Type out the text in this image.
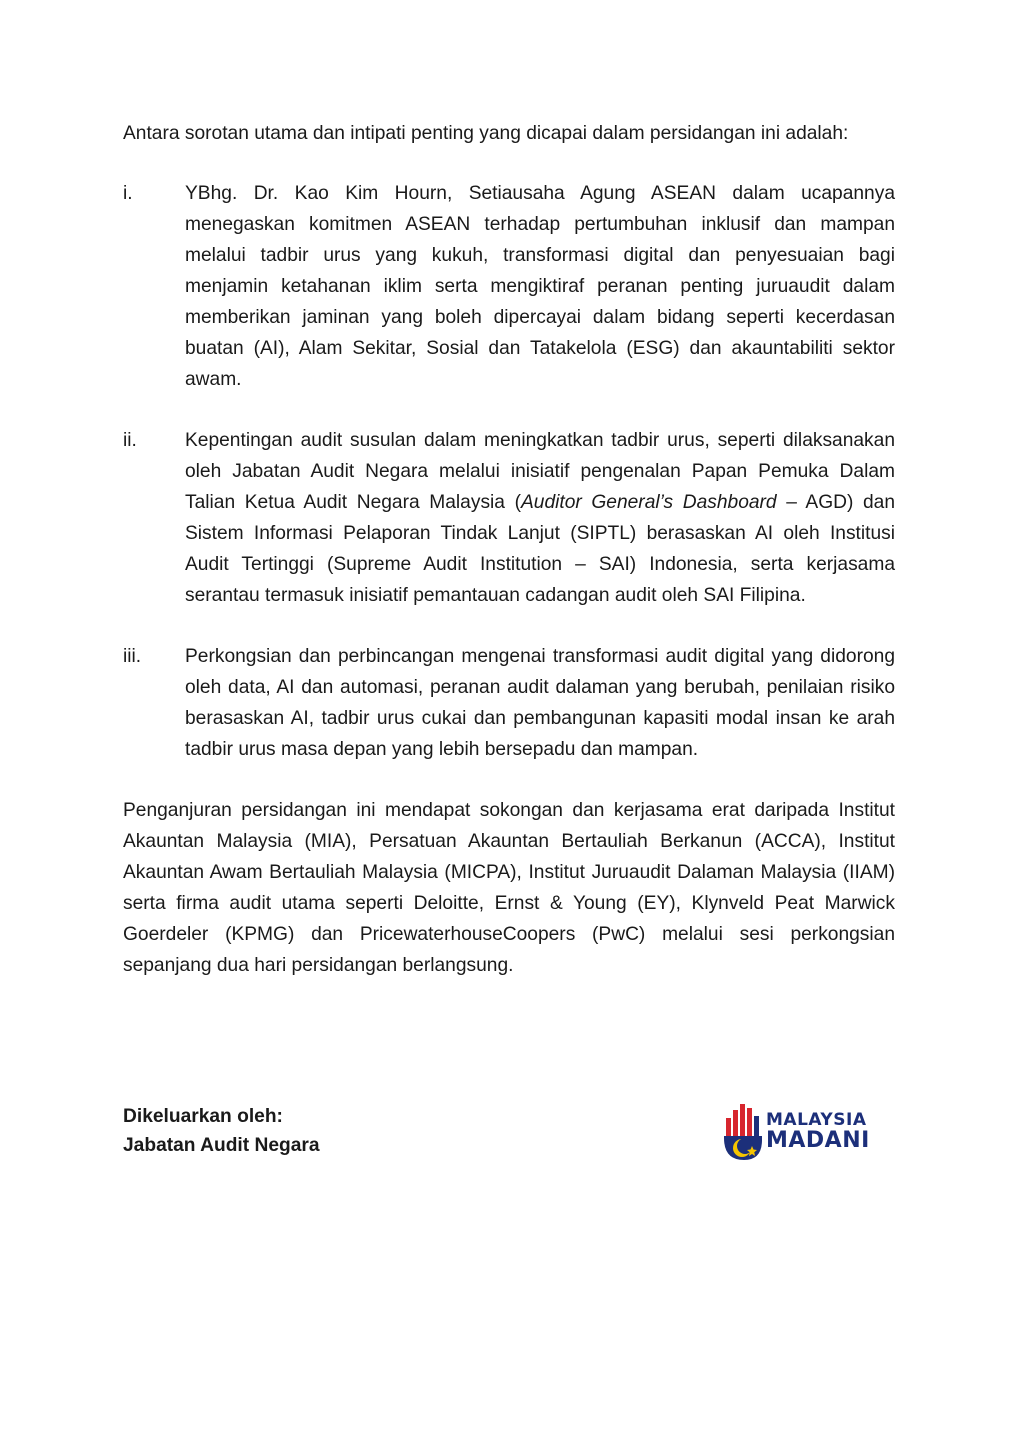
Antara sorotan utama dan intipati penting yang dicapai dalam persidangan ini adalah:

i.	YBhg. Dr. Kao Kim Hourn, Setiausaha Agung ASEAN dalam ucapannya menegaskan komitmen ASEAN terhadap pertumbuhan inklusif dan mampan melalui tadbir urus yang kukuh, transformasi digital dan penyesuaian bagi menjamin ketahanan iklim serta mengiktiraf peranan penting juruaudit dalam memberikan jaminan yang boleh dipercayai dalam bidang seperti kecerdasan buatan (AI), Alam Sekitar, Sosial dan Tatakelola (ESG) dan akauntabiliti sektor awam.
ii.	Kepentingan audit susulan dalam meningkatkan tadbir urus, seperti dilaksanakan oleh Jabatan Audit Negara melalui inisiatif pengenalan Papan Pemuka Dalam Talian Ketua Audit Negara Malaysia (Auditor General’s Dashboard – AGD) dan Sistem Informasi Pelaporan Tindak Lanjut (SIPTL) berasaskan AI oleh Institusi Audit Tertinggi (Supreme Audit Institution – SAI) Indonesia, serta kerjasama serantau termasuk inisiatif pemantauan cadangan audit oleh SAI Filipina.
iii.	Perkongsian dan perbincangan mengenai transformasi audit digital yang didorong oleh data, AI dan automasi, peranan audit dalaman yang berubah, penilaian risiko berasaskan AI, tadbir urus cukai dan pembangunan kapasiti modal insan ke arah tadbir urus masa depan yang lebih bersepadu dan mampan.

Penganjuran persidangan ini mendapat sokongan dan kerjasama erat daripada Institut Akauntan Malaysia (MIA), Persatuan Akauntan Bertauliah Berkanun (ACCA), Institut Akauntan Awam Bertauliah Malaysia (MICPA), Institut Juruaudit Dalaman Malaysia (IIAM) serta firma audit utama seperti Deloitte, Ernst & Young (EY), Klynveld Peat Marwick Goerdeler (KPMG) dan PricewaterhouseCoopers (PwC) melalui sesi perkongsian sepanjang dua hari persidangan berlangsung.

Dikeluarkan oleh:
Jabatan Audit Negara
MALAYSIA
MADANI
